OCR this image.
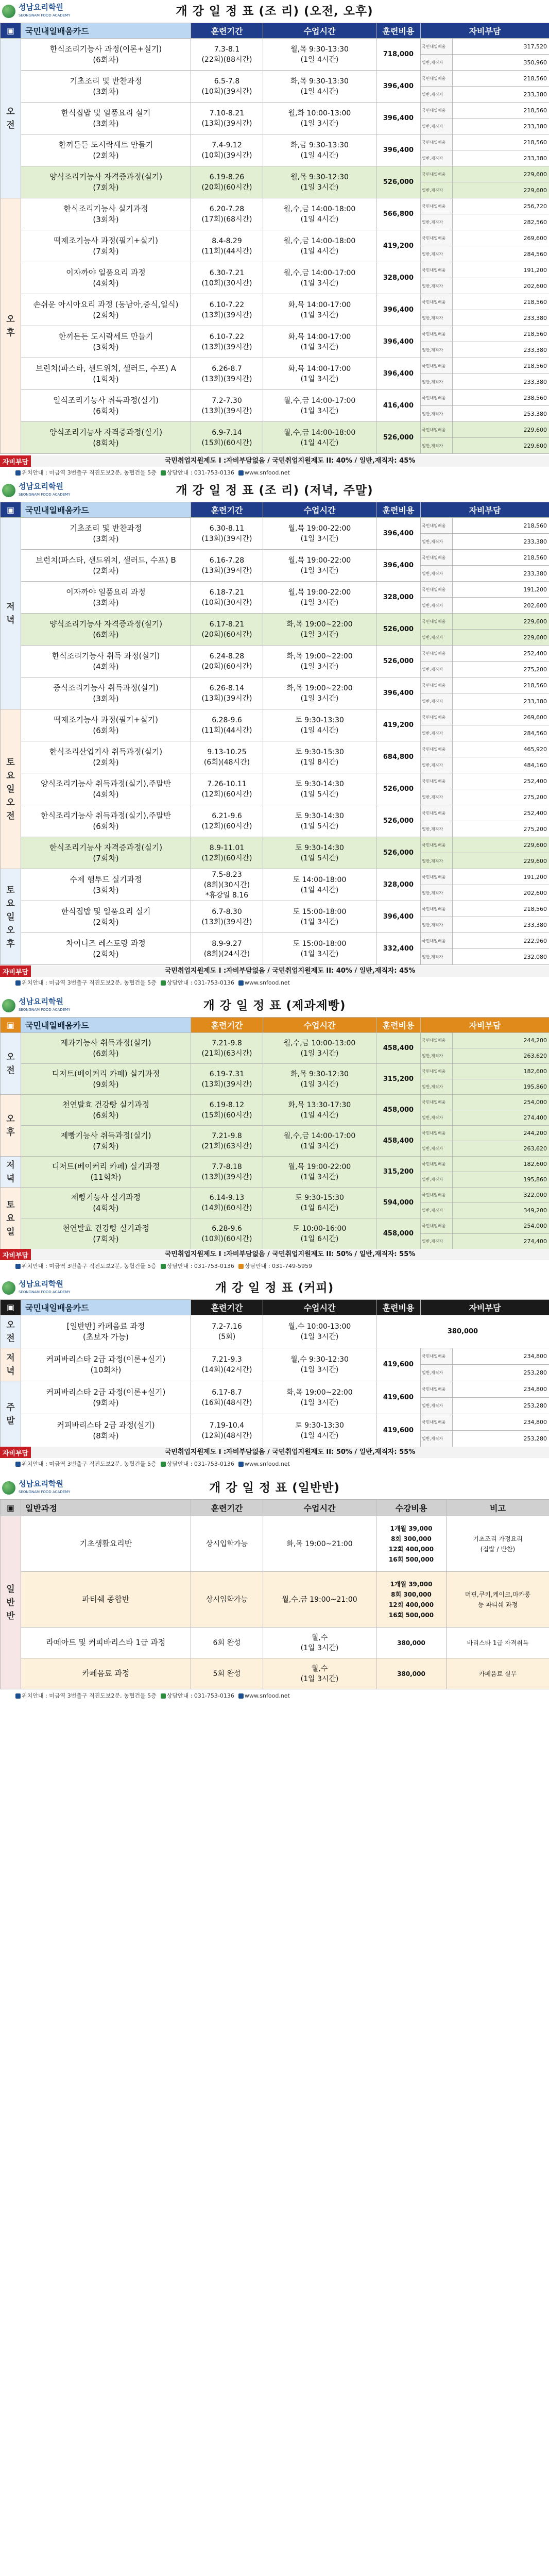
성남요리학원
SEONGNAM FOOD ACADEMY	개 강 일 정 표 (조 리) (오전, 오후)
▣	국민내일배움카드	훈련기간	수업시간	훈련비용	자비부담	
오
전	한식조리기능사 과정(이론+실기)
(6회차)	7.3-8.1
(22회)(88시간)	월,목 9:30-13:30
(1일 4시간)	718,000	국민내일배움	317,520
					일반,재직자	350,960
	기초조리 및 반찬과정
(3회차)	6.5-7.8
(10회)(39시간)	화,목 9:30-13:30
(1일 4시간)	396,400	국민내일배움	218,560
					일반,재직자	233,380
	한식집밥 및 일품요리 실기
(3회차)	7.10-8.21
(13회)(39시간)	월,화 10:00-13:00
(1일 3시간)	396,400	국민내일배움	218,560
					일반,재직자	233,380
	한끼든든 도시락세트 만들기
(2회차)	7.4-9.12
(10회)(39시간)	화,금 9:30-13:30
(1일 4시간)	396,400	국민내일배움	218,560
					일반,재직자	233,380
	양식조리기능사 자격증과정(실기)
(7회차)	6.19-8.26
(20회)(60시간)	월,목 9:30-12:30
(1일 3시간)	526,000	국민내일배움	229,600
					일반,재직자	229,600
오
후	한식조리기능사 실기과정
(3회차)	6.20-7.28
(17회)(68시간)	월,수,금 14:00-18:00
(1일 4시간)	566,800	국민내일배움	256,720
					일반,재직자	282,560
	떡제조기능사 과정(필기+실기)
(7회차)	8.4-8.29
(11회)(44시간)	월,수,금 14:00-18:00
(1일 4시간)	419,200	국민내일배움	269,600
					일반,재직자	284,560
	이자까야 일품요리 과정
(4회차)	6.30-7.21
(10회)(30시간)	월,수,금 14:00-17:00
(1일 3시간)	328,000	국민내일배움	191,200
					일반,재직자	202,600
	손쉬운 아시아요리 과정 (동남아,중식,일식)
(2회차)	6.10-7.22
(13회)(39시간)	화,목 14:00-17:00
(1일 3시간)	396,400	국민내일배움	218,560
					일반,재직자	233,380
	한끼든든 도시락세트 만들기
(3회차)	6.10-7.22
(13회)(39시간)	화,목 14:00-17:00
(1일 3시간)	396,400	국민내일배움	218,560
					일반,재직자	233,380
	브런치(파스타, 샌드위치, 샐러드, 수프) A
(1회차)	6.26-8.7
(13회)(39시간)	화,목 14:00-17:00
(1일 3시간)	396,400	국민내일배움	218,560
					일반,재직자	233,380
	일식조리기능사 취득과정(실기)
(6회차)	7.2-7.30
(13회)(39시간)	월,수,금 14:00-17:00
(1일 3시간)	416,400	국민내일배움	238,560
					일반,재직자	253,380
	양식조리기능사 자격증과정(실기)
(8회차)	6.9-7.14
(15회)(60시간)	월,수,금 14:00-18:00
(1일 4시간)	526,000	국민내일배움	229,600
					일반,재직자	229,600
자비부담	국민취업지원제도 I :자비부담없음 / 국민취업지원제도 II: 40% / 일반,재직자: 45%
위치안내 : 미금역 3번출구 직진도보2분, 농협건물 5층	상담안내 : 031-753-0136	www.snfood.net
성남요리학원
SEONGNAM FOOD ACADEMY	개 강 일 정 표 (조 리) (저녁, 주말)
▣	국민내일배움카드	훈련기간	수업시간	훈련비용	자비부담	
저
녁	기초조리 및 반찬과정
(3회차)	6.30-8.11
(13회)(39시간)	월,목 19:00-22:00
(1일 3시간)	396,400	국민내일배움	218,560
					일반,재직자	233,380
	브런치(파스타, 샌드위치, 샐러드, 수프) B
(2회차)	6.16-7.28
(13회)(39시간)	월,목 19:00-22:00
(1일 3시간)	396,400	국민내일배움	218,560
					일반,재직자	233,380
	이자까야 일품요리 과정
(3회차)	6.18-7.21
(10회)(30시간)	월,목 19:00-22:00
(1일 3시간)	328,000	국민내일배움	191,200
					일반,재직자	202,600
	양식조리기능사 자격증과정(실기)
(6회차)	6.17-8.21
(20회)(60시간)	화,목 19:00~22:00
(1일 3시간)	526,000	국민내일배움	229,600
					일반,재직자	229,600
	한식조리기능사 취득 과정(실기)
(4회차)	6.24-8.28
(20회)(60시간)	화,목 19:00~22:00
(1일 3시간)	526,000	국민내일배움	252,400
					일반,재직자	275,200
	중식조리기능사 취득과정(실기)
(3회차)	6.26-8.14
(13회)(39시간)	화,목 19:00~22:00
(1일 3시간)	396,400	국민내일배움	218,560
					일반,재직자	233,380
토
요
일
오
전	떡제조기능사 과정(필기+실기)
(6회차)	6.28-9.6
(11회)(44시간)	토 9:30-13:30
(1일 4시간)	419,200	국민내일배움	269,600
					일반,재직자	284,560
	한식조리산업기사 취득과정(실기)
(2회차)	9.13-10.25
(6회)(48시간)	토 9:30-15:30
(1일 8시간)	684,800	국민내일배움	465,920
					일반,재직자	484,160
	양식조리기능사 취득과정(실기),주말반
(4회차)	7.26-10.11
(12회)(60시간)	토 9:30-14:30
(1일 5시간)	526,000	국민내일배움	252,400
					일반,재직자	275,200
	한식조리기능사 취득과정(실기),주말반
(6회차)	6.21-9.6
(12회)(60시간)	토 9:30-14:30
(1일 5시간)	526,000	국민내일배움	252,400
					일반,재직자	275,200
	한식조리기능사 자격증과정(실기)
(7회차)	8.9-11.01
(12회)(60시간)	토 9:30-14:30
(1일 5시간)	526,000	국민내일배움	229,600
					일반,재직자	229,600
토
요
일
오
후	수제 햄투드 실기과정
(3회차)	7.5-8.23
(8회)(30시간)
*휴강일 8.16	토 14:00-18:00
(1일 4시간)	328,000	국민내일배움	191,200
					일반,재직자	202,600
	한식집밥 및 일품요리 실기
(2회차)	6.7-8.30
(13회)(39시간)	토 15:00-18:00
(1일 3시간)	396,400	국민내일배움	218,560
					일반,재직자	233,380
	차이니즈 레스토랑 과정
(2회차)	8.9-9.27
(8회)(24시간)	토 15:00-18:00
(1일 3시간)	332,400	국민내일배움	222,960
					일반,재직자	232,080
자비부담	국민취업지원제도 I :자비부담없음 / 국민취업지원제도 II: 40% / 일반,재직자: 45%
위치안내 : 미금역 3번출구 직진도보2분, 농협건물 5층	상담안내 : 031-753-0136	www.snfood.net
성남요리학원
SEONGNAM FOOD ACADEMY	개 강 일 정 표 (제과제빵)
▣	국민내일배움카드	훈련기간	수업시간	훈련비용	자비부담	
오
전	제과기능사 취득과정(실기)
(6회차)	7.21-9.8
(21회)(63시간)	월,수,금 10:00-13:00
(1일 3시간)	458,400	국민내일배움	244,200
					일반,재직자	263,620
	디저트(베이커리 카페) 실기과정
(9회차)	6.19-7.31
(13회)(39시간)	화,목 9:30-12:30
(1일 3시간)	315,200	국민내일배움	182,600
					일반,재직자	195,860
오
후	천연발효 건강빵 실기과정
(6회차)	6.19-8.12
(15회)(60시간)	화,목 13:30-17:30
(1일 4시간)	458,000	국민내일배움	254,000
					일반,재직자	274,400
	제빵기능사 취득과정(실기)
(7회차)	7.21-9.8
(21회)(63시간)	월,수,금 14:00-17:00
(1일 3시간)	458,400	국민내일배움	244,200
					일반,재직자	263,620
저
녁	디저트(베이커리 카페) 실기과정
(11회차)	7.7-8.18
(13회)(39시간)	월,목 19:00-22:00
(1일 3시간)	315,200	국민내일배움	182,600
					일반,재직자	195,860
토
요
일	제빵기능사 실기과정
(4회차)	6.14-9.13
(14회)(60시간)	토 9:30-15:30
(1일 6시간)	594,000	국민내일배움	322,000
					일반,재직자	349,200
	천연발효 건강빵 실기과정
(7회차)	6.28-9.6
(10회)(60시간)	토 10:00-16:00
(1일 6시간)	458,000	국민내일배움	254,000
					일반,재직자	274,400
자비부담	국민취업지원제도 I :자비부담없음 / 국민취업지원제도 II: 50% / 일반,재직자: 55%
위치안내 : 미금역 3번출구 직진도보2분, 농협건물 5층	상담안내 : 031-753-0136	상담안내 : 031-749-5959
성남요리학원
SEONGNAM FOOD ACADEMY	개 강 일 정 표 (커피)
▣	국민내일배움카드	훈련기간	수업시간	훈련비용	자비부담	
오
전	[일반반] 카페음료 과정
(초보자 가능)	7.2-7.16
(5회)	월,수 10:00-13:00
(1일 3시간)	380,000		

저
녁	커피바리스타 2급 과정(이론+실기)
(10회차)	7.21-9.3
(14회)(42시간)	월,수 9:30-12:30
(1일 3시간)	419,600	국민내일배움	234,800
					일반,재직자	253,280
주
말	커피바리스타 2급 과정(이론+실기)
(9회차)	6.17-8.7
(16회)(48시간)	화,목 19:00~22:00
(1일 3시간)	419,600	국민내일배움	234,800
					일반,재직자	253,280
	커피바리스타 2급 과정(실기)
(8회차)	7.19-10.4
(12회)(48시간)	토 9:30-13:30
(1일 4시간)	419,600	국민내일배움	234,800
					일반,재직자	253,280
자비부담	국민취업지원제도 I :자비부담없음 / 국민취업지원제도 II: 50% / 일반,재직자: 55%
위치안내 : 미금역 3번출구 직진도보2분, 농협건물 5층	상담안내 : 031-753-0136	www.snfood.net
성남요리학원
SEONGNAM FOOD ACADEMY	개 강 일 정 표 (일반반)
▣	일반과정	훈련기간	수업시간	수강비용	비고
일
반
반	기초생활요리반	상시입학가능	화,목 19:00~21:00	1개월 39,000
8회 300,000
12회 400,000
16회 500,000	기초조리 가정요리
(집밥 / 반찬)
	파티쉐 종합반	상시입학가능	월,수,금 19:00~21:00	1개월 39,000
8회 300,000
12회 400,000
16회 500,000	머핀,쿠키,케이크,마카롱
등 파티쉐 과정
	라떼아트 및 커피바리스타 1급 과정	6회 완성	월,수
(1일 3시간)	380,000	바리스타 1급 자격취득
	카페음료 과정	5회 완성	월,수
(1일 3시간)	380,000	카페음료 실무
위치안내 : 미금역 3번출구 직진도보2분, 농협건물 5층	상담안내 : 031-753-0136	www.snfood.net
